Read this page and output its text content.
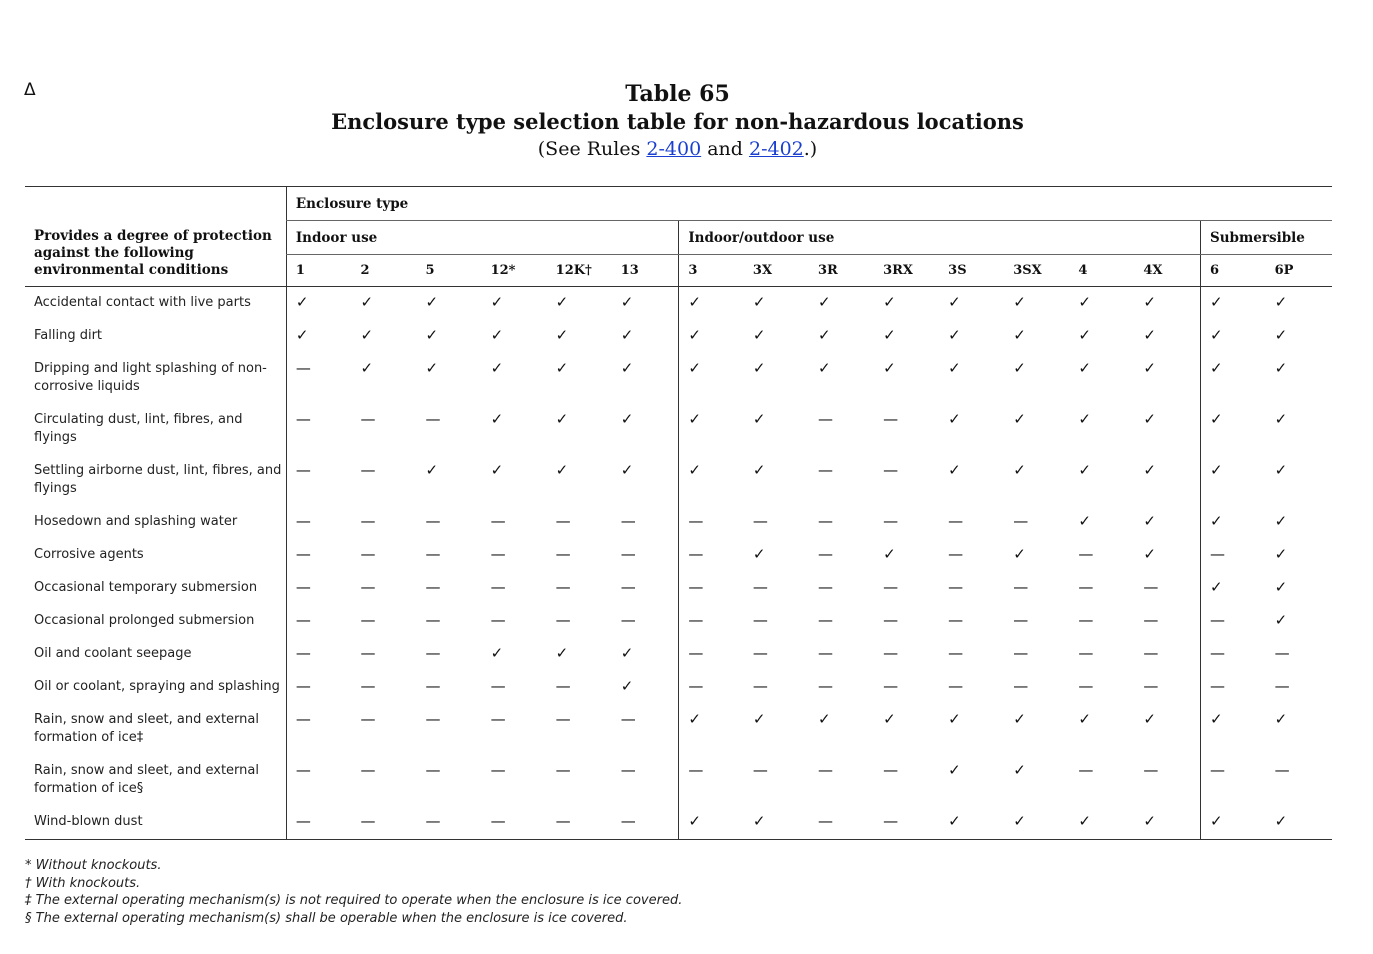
Δ	Table 65
Enclosure type selection table for non-hazardous locations
(See Rules 2-400 and 2-402.)
Provides a degree of protection against the following environmental conditions	Enclosure type															
	Indoor use						Indoor/outdoor use								Submersible	
	1	2	5	12*	12K†	13	3	3X	3R	3RX	3S	3SX	4	4X	6	6P
Accidental contact with live parts	✓	✓	✓	✓	✓	✓	✓	✓	✓	✓	✓	✓	✓	✓	✓	✓
Falling dirt	✓	✓	✓	✓	✓	✓	✓	✓	✓	✓	✓	✓	✓	✓	✓	✓
Dripping and light splashing of non-corrosive liquids	—	✓	✓	✓	✓	✓	✓	✓	✓	✓	✓	✓	✓	✓	✓	✓
Circulating dust, lint, fibres, and flyings	—	—	—	✓	✓	✓	✓	✓	—	—	✓	✓	✓	✓	✓	✓
Settling airborne dust, lint, fibres, and flyings	—	—	✓	✓	✓	✓	✓	✓	—	—	✓	✓	✓	✓	✓	✓
Hosedown and splashing water	—	—	—	—	—	—	—	—	—	—	—	—	✓	✓	✓	✓
Corrosive agents	—	—	—	—	—	—	—	✓	—	✓	—	✓	—	✓	—	✓
Occasional temporary submersion	—	—	—	—	—	—	—	—	—	—	—	—	—	—	✓	✓
Occasional prolonged submersion	—	—	—	—	—	—	—	—	—	—	—	—	—	—	—	✓
Oil and coolant seepage	—	—	—	✓	✓	✓	—	—	—	—	—	—	—	—	—	—
Oil or coolant, spraying and splashing	—	—	—	—	—	✓	—	—	—	—	—	—	—	—	—	—
Rain, snow and sleet, and external formation of ice‡	—	—	—	—	—	—	✓	✓	✓	✓	✓	✓	✓	✓	✓	✓
Rain, snow and sleet, and external formation of ice§	—	—	—	—	—	—	—	—	—	—	✓	✓	—	—	—	—
Wind-blown dust	—	—	—	—	—	—	✓	✓	—	—	✓	✓	✓	✓	✓	✓
* Without knockouts.
† With knockouts.
‡ The external operating mechanism(s) is not required to operate when the enclosure is ice covered.
§ The external operating mechanism(s) shall be operable when the enclosure is ice covered.
